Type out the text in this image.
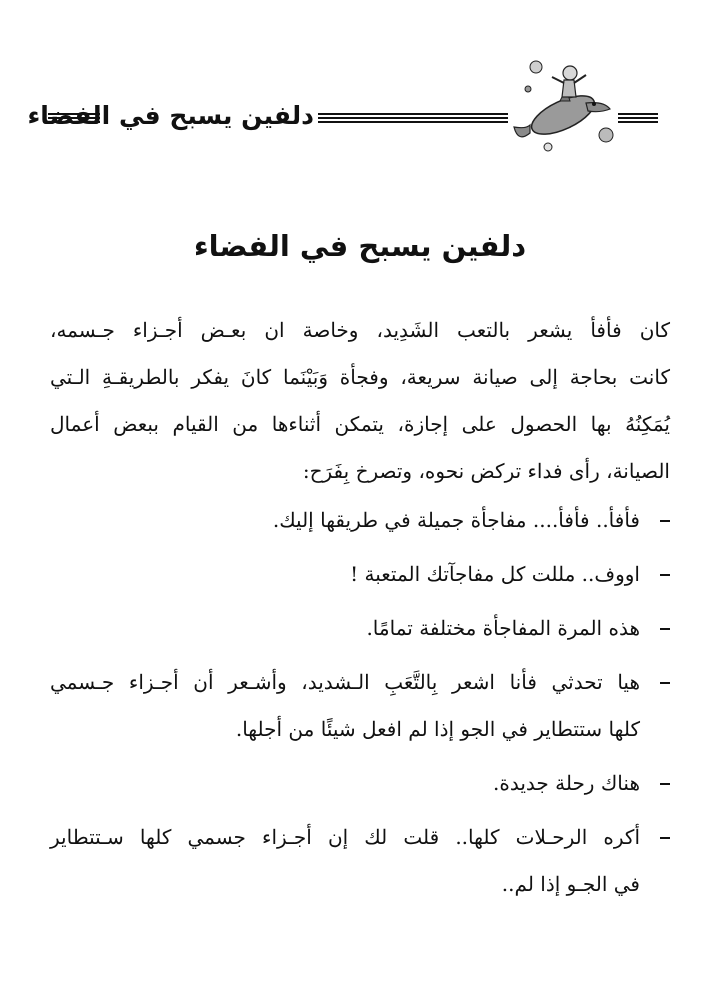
دلفين يسبح في الفضاء
دلفين يسبح في الفضاء
كان فأفأ يشعر بالتعب الشَدِيد، وخاصة ان بعـض أجـزاء جـسمه،
كانت بحاجة إلى صيانة سريعة، وفجأة وَبَيْنَما كانَ يفكر بالطريقـةِ الـتي
يُمَكِنُهُ بها الحصول على إجازة، يتمكن أثناءها من القيام ببعض أعمال
الصيانة، رأى فداء تركض نحوه، وتصرخ بِفَرَح:
فأفأ.. فأفأ.... مفاجأة جميلة في طريقها إليك.
اووف.. مللت كل مفاجآتك المتعبة !
هذه المرة المفاجأة مختلفة تمامًا.
هيا تحدثي فأنا اشعر بِالتَّعَبِ الـشديد، وأشـعر أن أجـزاء جـسمي
كلها ستتطاير في الجو إذا لم افعل شيئًا من أجلها.
هناك رحلة جديدة.
أكره الرحـلات كلها.. قلت لك إن أجـزاء جسمي كلها سـتتطاير
في الجـو إذا لم..
